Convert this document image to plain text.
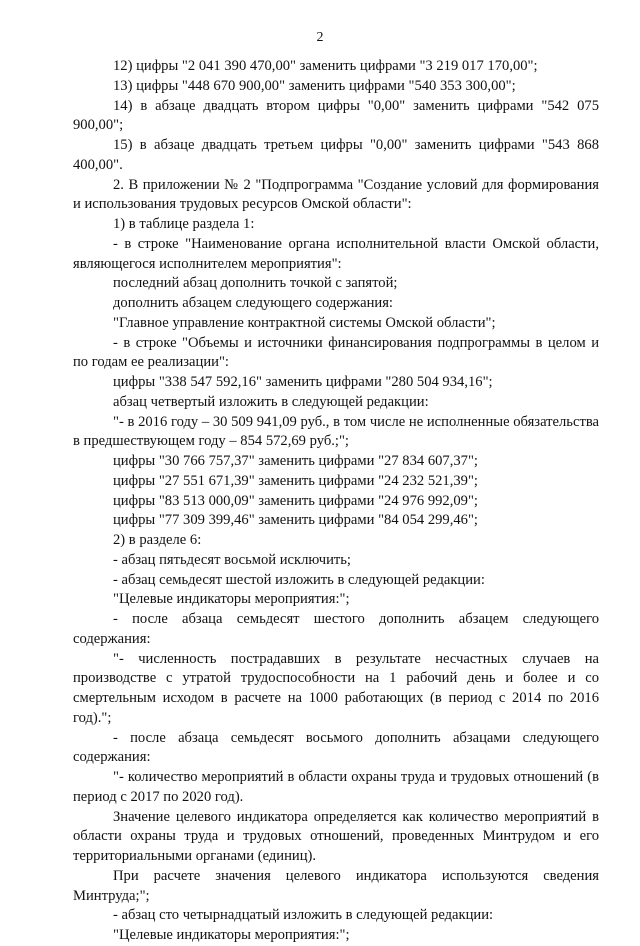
2

12) цифры "2 041 390 470,00" заменить цифрами "3 219 017 170,00";

13) цифры "448 670 900,00" заменить цифрами "540 353 300,00";

14) в абзаце двадцать втором цифры "0,00" заменить цифрами "542 075 900,00";

15) в абзаце двадцать третьем цифры "0,00" заменить цифрами "543 868 400,00".

2. В приложении № 2 "Подпрограмма "Создание условий для формирования и использования трудовых ресурсов Омской области":

1) в таблице раздела 1:

- в строке "Наименование органа исполнительной власти Омской области, являющегося исполнителем мероприятия":

последний абзац дополнить точкой с запятой;

дополнить абзацем следующего содержания:

"Главное управление контрактной системы Омской области";

- в строке "Объемы и источники финансирования подпрограммы в целом и по годам ее реализации":

цифры "338 547 592,16" заменить цифрами "280 504 934,16";

абзац четвертый изложить в следующей редакции:

"- в 2016 году – 30 509 941,09 руб., в том числе не исполненные обязательства в предшествующем году – 854 572,69 руб.;";

цифры "30 766 757,37" заменить цифрами "27 834 607,37";

цифры "27 551 671,39" заменить цифрами "24 232 521,39";

цифры "83 513 000,09" заменить цифрами "24 976 992,09";

цифры "77 309 399,46" заменить цифрами "84 054 299,46";

2) в разделе 6:

- абзац пятьдесят восьмой исключить;

- абзац семьдесят шестой изложить в следующей редакции:

"Целевые индикаторы мероприятия:";

- после абзаца семьдесят шестого дополнить абзацем следующего содержания:

"- численность пострадавших в результате несчастных случаев на производстве с утратой трудоспособности на 1 рабочий день и более и со смертельным исходом в расчете на 1000 работающих (в период с 2014 по 2016 год).";

- после абзаца семьдесят восьмого дополнить абзацами следующего содержания:

"- количество мероприятий в области охраны труда и трудовых отношений (в период с 2017 по 2020 год).

Значение целевого индикатора определяется как количество мероприятий в области охраны труда и трудовых отношений, проведенных Минтрудом и его территориальными органами (единиц).

При расчете значения целевого индикатора используются сведения Минтруда;";

- абзац сто четырнадцатый изложить в следующей редакции:

"Целевые индикаторы мероприятия:";
